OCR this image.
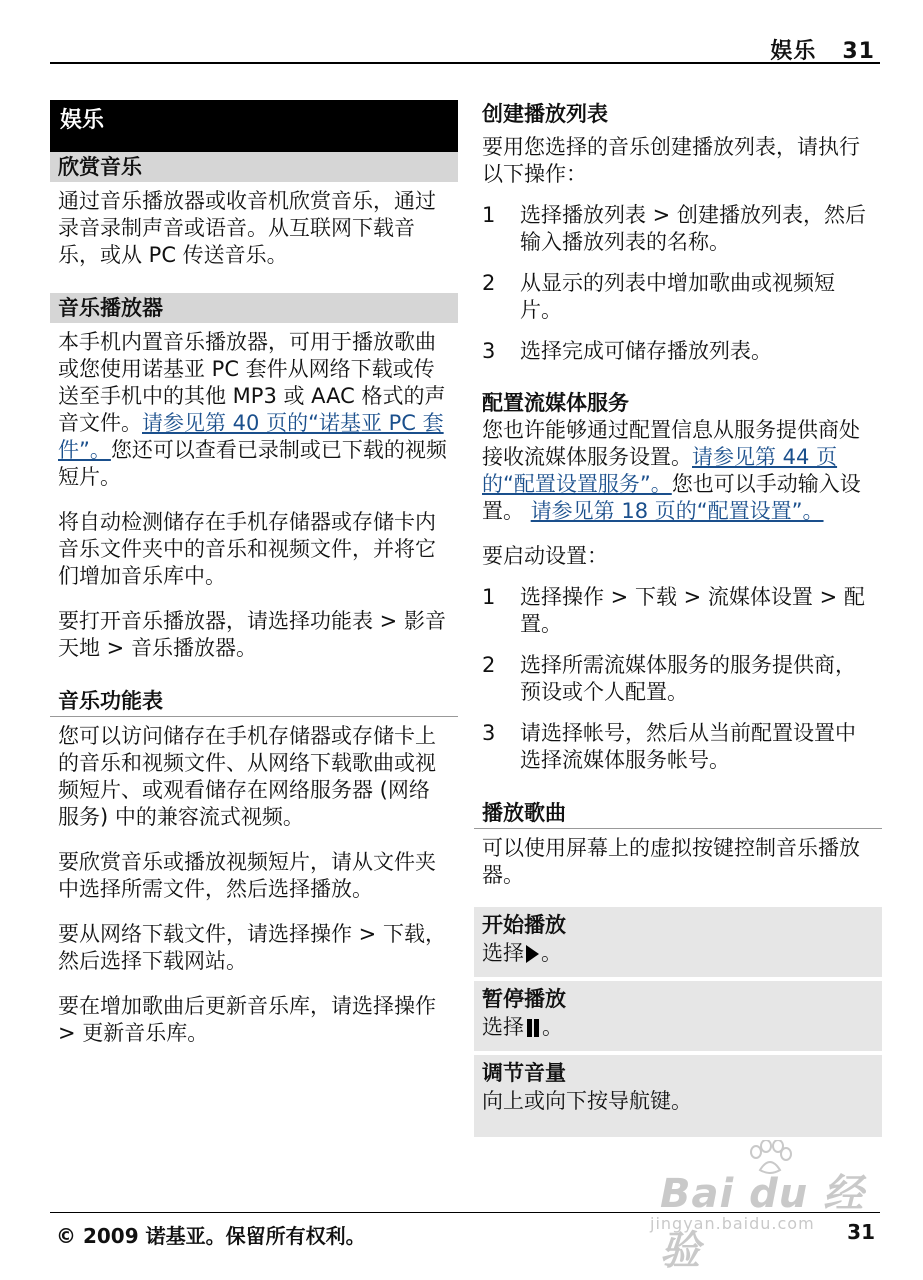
娱乐 31
娱乐
欣赏音乐

通过音乐播放器或收音机欣赏音乐，通过录音录制声音或语音。从互联网下载音乐，或从 PC 传送音乐。

音乐播放器

本手机内置音乐播放器，可用于播放歌曲或您使用诺基亚 PC 套件从网络下载或传送至手机中的其他 MP3 或 AAC 格式的声音文件。请参见第 40 页的“诺基亚 PC 套件”。您还可以查看已录制或已下载的视频短片。

将自动检测储存在手机存储器或存储卡内音乐文件夹中的音乐和视频文件，并将它们增加音乐库中。

要打开音乐播放器，请选择功能表 > 影音天地 > 音乐播放器。

音乐功能表

您可以访问储存在手机存储器或存储卡上的音乐和视频文件、从网络下载歌曲或视频短片、或观看储存在网络服务器 (网络服务) 中的兼容流式视频。

要欣赏音乐或播放视频短片，请从文件夹中选择所需文件，然后选择播放。

要从网络下载文件，请选择操作 > 下载，然后选择下载网站。

要在增加歌曲后更新音乐库，请选择操作 > 更新音乐库。

创建播放列表

要用您选择的音乐创建播放列表，请执行以下操作：

1	选择播放列表 > 创建播放列表，然后输入播放列表的名称。
2	从显示的列表中增加歌曲或视频短片。
3	选择完成可储存播放列表。
配置流媒体服务

您也许能够通过配置信息从服务提供商处接收流媒体服务设置。请参见第 44 页的“配置设置服务”。您也可以手动输入设置。 请参见第 18 页的“配置设置”。

要启动设置：

1	选择操作 > 下载 > 流媒体设置 > 配置。
2	选择所需流媒体服务的服务提供商，预设或个人配置。
3	请选择帐号，然后从当前配置设置中选择流媒体服务帐号。
播放歌曲

可以使用屏幕上的虚拟按键控制音乐播放器。

开始播放
选择 。
暂停播放
选择 。
调节音量
向上或向下按导航键。
Bai du 经验
jingyan.baidu.com
© 2009 诺基亚。保留所有权利。	31
